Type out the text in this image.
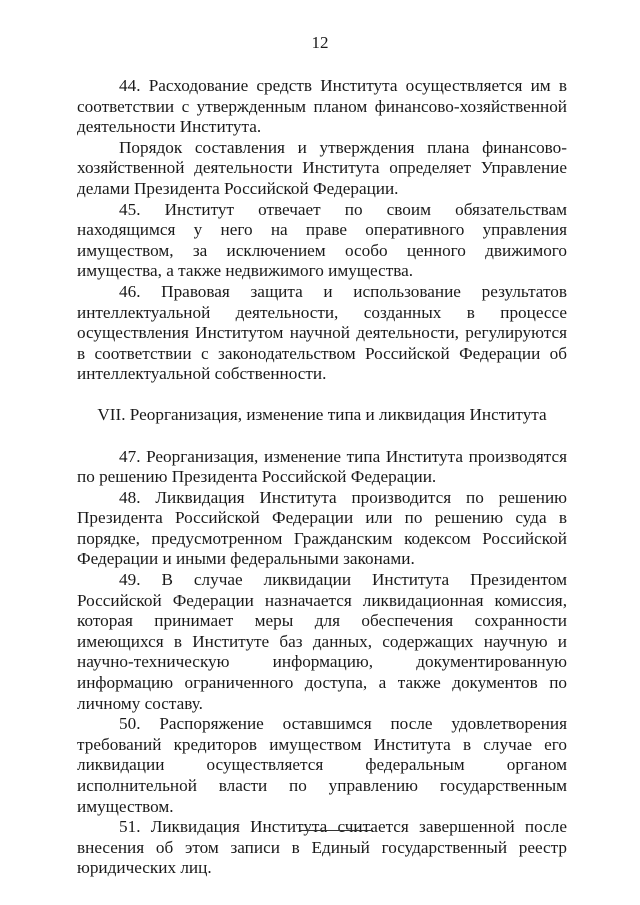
12

44. Расходование средств Института осуществляется им в соответствии с утвержденным планом финансово-хозяйственной деятельности Института.

Порядок составления и утверждения плана финансово-хозяйственной деятельности Института определяет Управление делами Президента Российской Федерации.

45. Институт отвечает по своим обязательствам находящимся у него на праве оперативного управления имуществом, за исключением особо ценного движимого имущества, а также недвижимого имущества.

46. Правовая защита и использование результатов интеллектуальной деятельности, созданных в процессе осуществления Институтом научной деятельности, регулируются в соответствии с законодательством Российской Федерации об интеллектуальной собственности.

VII. Реорганизация, изменение типа и ликвидация Института

47. Реорганизация, изменение типа Института производятся по решению Президента Российской Федерации.

48. Ликвидация Института производится по решению Президента Российской Федерации или по решению суда в порядке, предусмотренном Гражданским кодексом Российской Федерации и иными федеральными законами.

49. В случае ликвидации Института Президентом Российской Федерации назначается ликвидационная комиссия, которая принимает меры для обеспечения сохранности имеющихся в Институте баз данных, содержащих научную и научно-техническую информацию, документированную информацию ограниченного доступа, а также документов по личному составу.

50. Распоряжение оставшимся после удовлетворения требований кредиторов имуществом Института в случае его ликвидации осуществляется федеральным органом исполнительной власти по управлению государственным имуществом.

51. Ликвидация Института считается завершенной после внесения об этом записи в Единый государственный реестр юридических лиц.
